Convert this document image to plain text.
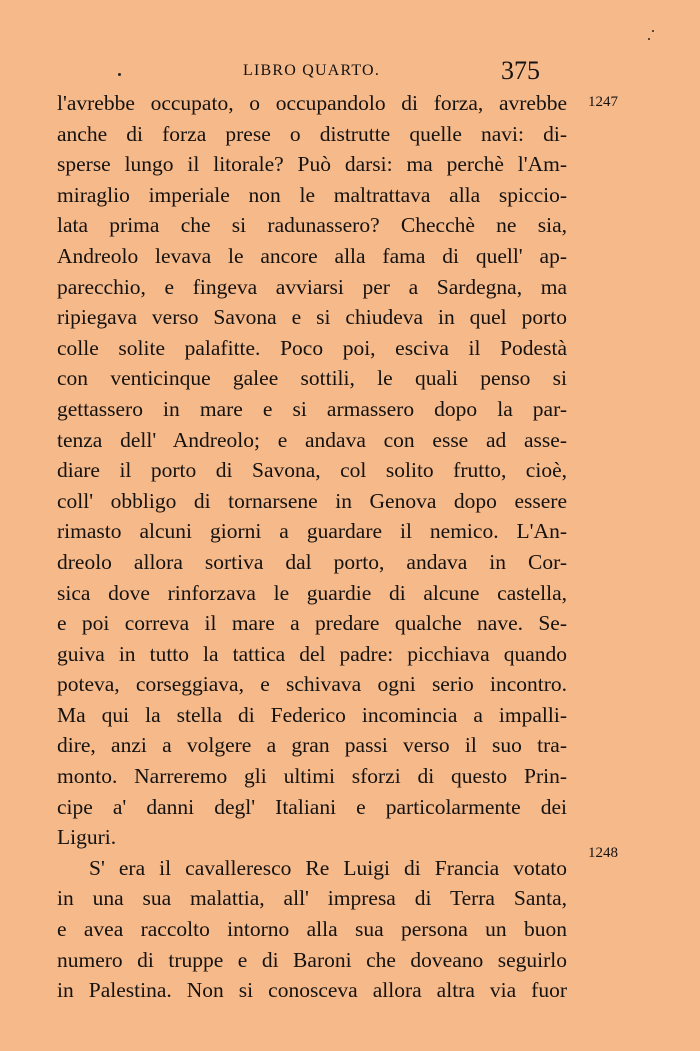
LIBRO QUARTO.	375
1247
1248
l'avrebbe occupato, o occupandolo di forza, avrebbe
anche di forza prese o distrutte quelle navi: di-
sperse lungo il litorale? Può darsi: ma perchè l'Am-
miraglio imperiale non le maltrattava alla spiccio-
lata prima che si radunassero? Checchè ne sia,
Andreolo levava le ancore alla fama di quell' ap-
parecchio, e fingeva avviarsi per a Sardegna, ma
ripiegava verso Savona e si chiudeva in quel porto
colle solite palafitte. Poco poi, esciva il Podestà
con venticinque galee sottili, le quali penso si
gettassero in mare e si armassero dopo la par-
tenza dell' Andreolo; e andava con esse ad asse-
diare il porto di Savona, col solito frutto, cioè,
coll' obbligo di tornarsene in Genova dopo essere
rimasto alcuni giorni a guardare il nemico. L'An-
dreolo allora sortiva dal porto, andava in Cor-
sica dove rinforzava le guardie di alcune castella,
e poi correva il mare a predare qualche nave. Se-
guiva in tutto la tattica del padre: picchiava quando
poteva, corseggiava, e schivava ogni serio incontro.
Ma qui la stella di Federico incomincia a impalli-
dire, anzi a volgere a gran passi verso il suo tra-
monto. Narreremo gli ultimi sforzi di questo Prin-
cipe a' danni degl' Italiani e particolarmente dei
Liguri.
S' era il cavalleresco Re Luigi di Francia votato
in una sua malattia, all' impresa di Terra Santa,
e avea raccolto intorno alla sua persona un buon
numero di truppe e di Baroni che doveano seguirlo
in Palestina. Non si conosceva allora altra via fuor
